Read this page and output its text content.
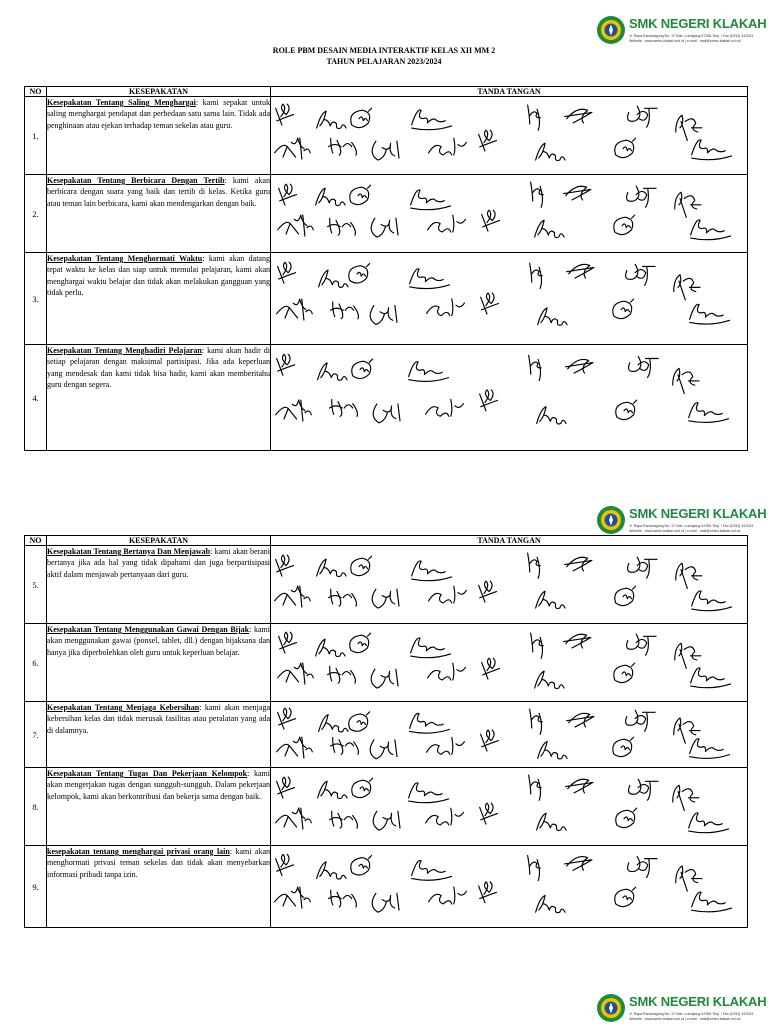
SMK NEGERI KLAKAH
Jl. Raya Randuagung No. 17 Kab. Lumajang 67356 Telp. / Fax (0334) 341003
Website : www.smkn-klakah.sch.id | e-mail : mail@smkn-klakah.sch.id
ROLE PBM DESAIN MEDIA INTERAKTIF KELAS XII MM 2
TAHUN PELAJARAN 2023/2024
NO	KESEPAKATAN	TANDA TANGAN
1.	Kesepakatan Tentang Saling Menghargai: kami sepakat untuk saling menghargai pendapat dan perbedaan satu sama lain. Tidak ada penghinaan atau ejekan terhadap teman sekelas atau guru.	

2.	Kesepakatan Tentang Berbicara Dengan Tertib: kami akan berbicara dengan suara yang baik dan tertib di kelas. Ketika guru atau teman lain berbicara, kami akan mendengarkan dengan baik.	

3.	Kesepakatan Tentang Menghormati Waktu: kami akan datang tepat waktu ke kelas dan siap untuk memulai pelajaran, kami akan menghargai waktu belajar dan tidak akan melakukan gangguan yang tidak perlu.	

4.	Kesepakatan Tentang Menghadiri Pelajaran: kami akan hadir di setiap pelajaran dengan maksimal partisipasi. Jika ada keperluan yang mendesak dan kami tidak bisa hadir, kami akan memberitahu guru dengan segera.	
SMK NEGERI KLAKAH
Jl. Raya Randuagung No. 17 Kab. Lumajang 67356 Telp. / Fax (0334) 341003
Website : www.smkn-klakah.sch.id | e-mail : mail@smkn-klakah.sch.id
NO	KESEPAKATAN	TANDA TANGAN
5.	Kesepakatan Tentang Bertanya Dan Menjawab: kami akan berani bertanya jika ada hal yang tidak dipahami dan juga berpartisipasi aktif dalam menjawab pertanyaan dari guru.	

6.	Kesepakatan Tentang Menggunakan Gawai Dengan Bijak: kami akan menggunakan gawai (ponsel, tablet, dll.) dengan bijaksana dan hanya jika diperbolehkan oleh guru untuk keperluan belajar.	

7.	Kesepakatan Tentang Menjaga Kebersihan: kami akan menjaga kebersihan kelas dan tidak merusak fasilitas atau peralatan yang ada di dalamnya.	

8.	Kesepakatan Tentang Tugas Dan Pekerjaan Kelompok: kami akan mengerjakan tugas dengan sungguh-sungguh. Dalam pekerjaan kelompok, kami akan berkontribusi dan bekerja sama dengan baik.	

9.	kesepakatan tentang menghargai privasi orang lain: kami akan menghormati privasi teman sekelas dan tidak akan menyebarkan informasi pribadi tanpa izin.	
SMK NEGERI KLAKAH
Jl. Raya Randuagung No. 17 Kab. Lumajang 67356 Telp. / Fax (0334) 341003
Website : www.smkn-klakah.sch.id | e-mail : mail@smkn-klakah.sch.id
